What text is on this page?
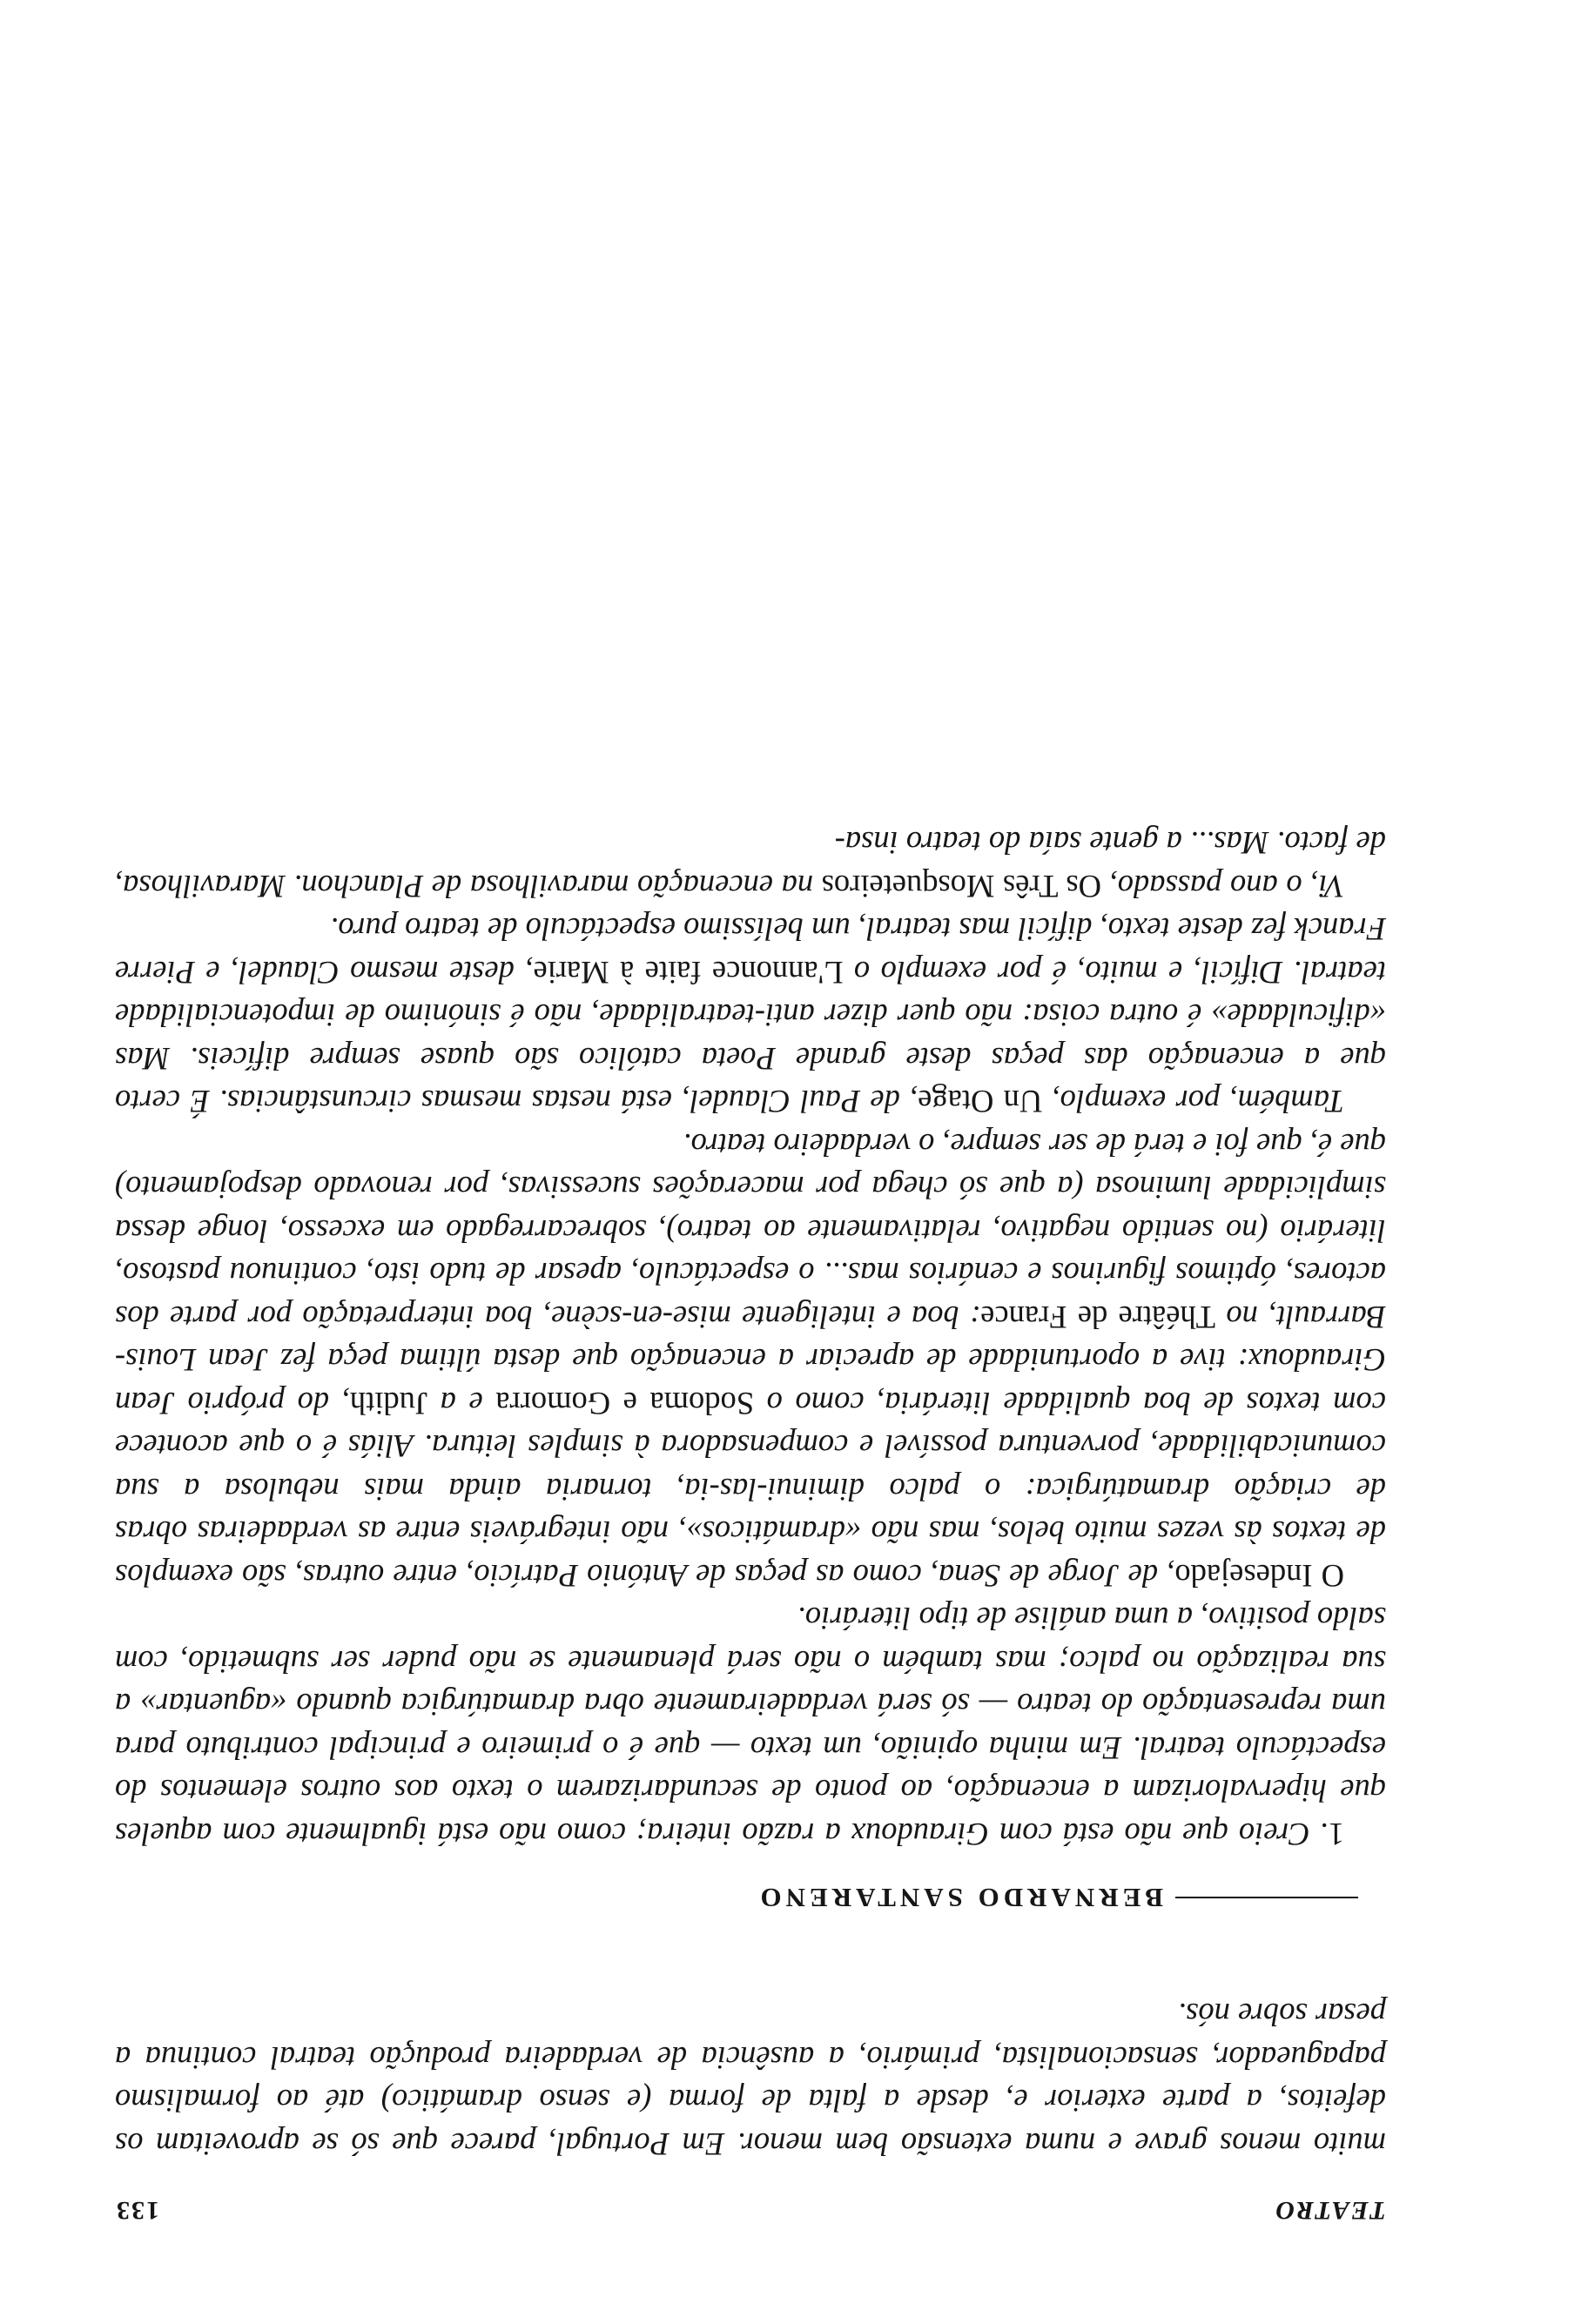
TEATRO
133

muito menos grave e numa extensão bem menor. Em Portugal, parece que só se aproveitam os defeitos, a parte exterior e, desde a falta de forma (e senso dramático) até ao formalismo papagueador, sensacionalista, primário, a ausência de verdadeira produção teatral continua a pesar sobre nós.

BERNARDO SANTARENO

1. Creio que não está com Giraudoux a razão inteira; como não está igualmente com aqueles que hipervalorizam a encenação, ao ponto de secundarizarem o texto aos outros elementos do espectáculo teatral. Em minha opinião, um texto — que é o primeiro e principal contributo para uma representação do teatro — só será verdadeiramente obra dramatúrgica quando «aguentar» a sua realização no palco; mas também o não será plenamente se não puder ser submetido, com saldo positivo, a uma análise de tipo literário.

O Indesejado, de Jorge de Sena, como as peças de António Patrício, entre outras, são exemplos de textos às vezes muito belos, mas não «dramáticos», não integráveis entre as verdadeiras obras de criação dramatúrgica: o palco diminui-las-ia, tornaria ainda mais nebulosa a sua comunicabilidade, porventura possível e compensadora à simples leitura. Aliás é o que acontece com textos de boa qualidade literária, como o Sodoma e Gomorra e a Judith, do próprio Jean Giraudoux: tive a oportunidade de apreciar a encenação que desta última peça fez Jean Louis-Barrault, no Théâtre de France: boa e inteligente mise-en-scène, boa interpretação por parte dos actores, óptimos figurinos e cenários mas... o espectáculo, apesar de tudo isto, continuou pastoso, literário (no sentido negativo, relativamente ao teatro), sobrecarregado em excesso, longe dessa simplicidade luminosa (a que só chega por macerações sucessivas, por renovado despojamento) que é, que foi e terá de ser sempre, o verdadeiro teatro.

Também, por exemplo, Un Otage, de Paul Claudel, está nestas mesmas circunstâncias. É certo que a encenação das peças deste grande Poeta católico são quase sempre difíceis. Mas «dificuldade» é outra coisa: não quer dizer anti-teatralidade, não é sinónimo de impotencialidade teatral. Difícil, e muito, é por exemplo o L'annonce faite à Marie, deste mesmo Claudel, e Pierre Franck fez deste texto, difícil mas teatral, um belíssimo espectáculo de teatro puro.

Vi, o ano passado, Os Três Mosqueteiros na encenação maravilhosa de Planchon. Maravilhosa, de facto. Mas... a gente saía do teatro insa-
